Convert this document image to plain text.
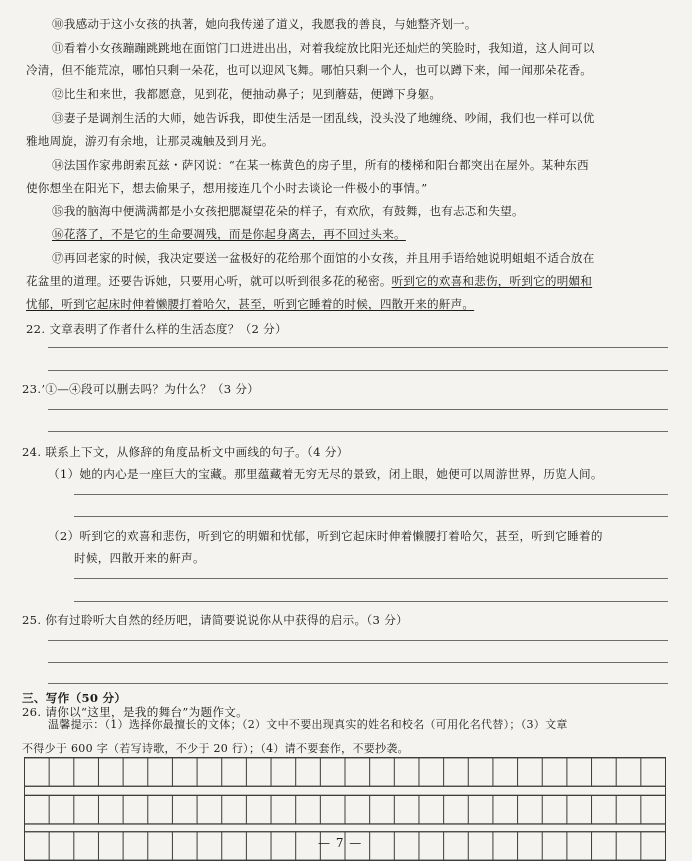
⑩我感动于这小女孩的执著，她向我传递了道义，我愿我的善良，与她整齐划一。
⑪看着小女孩蹦蹦跳跳地在面馆门口进进出出，对着我绽放比阳光还灿烂的笑脸时，我知道，这人间可以
冷清，但不能荒凉，哪怕只剩一朵花，也可以迎风飞舞。哪怕只剩一个人，也可以蹲下来，闻一闻那朵花香。
⑫比生和来世，我都愿意，见到花，便抽动鼻子；见到蘑菇，便蹲下身躯。
⑬妻子是调剂生活的大师，她告诉我，即使生活是一团乱线，没头没了地缠绕、吵闹，我们也一样可以优
雅地周旋，游刃有余地，让那灵魂触及到月光。
⑭法国作家弗朗索瓦兹・萨冈说：“在某一栋黄色的房子里，所有的楼梯和阳台都突出在屋外。某种东西
使你想坐在阳光下，想去偷果子，想用接连几个小时去谈论一件极小的事情。”
⑮我的脑海中便满满都是小女孩把腮凝望花朵的样子，有欢欣，有鼓舞，也有忐忑和失望。
⑯花落了，不是它的生命要凋残，而是你起身离去，再不回过头来。
⑰再回老家的时候，我决定要送一盆极好的花给那个面馆的小女孩，并且用手语给她说明蛆蛆不适合放在
花盆里的道理。还要告诉她，只要用心听，就可以听到很多花的秘密。听到它的欢喜和悲伤，听到它的明媚和
忧郁，听到它起床时伸着懒腰打着哈欠，甚至，听到它睡着的时候，四散开来的鼾声。
22. 文章表明了作者什么样的生活态度？（2 分）
23.’①—④段可以删去吗？为什么？（3 分）
24. 联系上下文，从修辞的角度品析文中画线的句子。（4 分）
（1）她的内心是一座巨大的宝藏。那里蕴藏着无穷无尽的景致，闭上眼，她便可以周游世界，历览人间。
（2）听到它的欢喜和悲伤，听到它的明媚和忧郁，听到它起床时伸着懒腰打着哈欠，甚至，听到它睡着的
时候，四散开来的鼾声。
25. 你有过聆听大自然的经历吧，请简要说说你从中获得的启示。（3 分）
三、写作（50 分）
26. 请你以“这里，是我的舞台”为题作文。
温馨提示：（1）选择你最擅长的文体；（2）文中不要出现真实的姓名和校名（可用化名代替）；（3）文章
不得少于 600 字（若写诗歌，不少于 20 行）；（4）请不要套作，不要抄袭。
— 7 —
